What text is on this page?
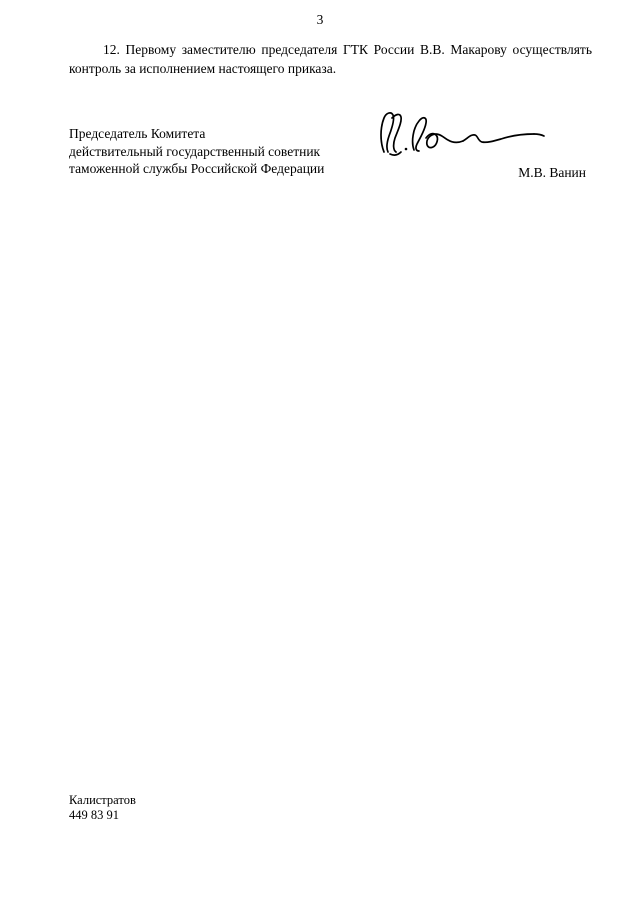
3
12. Первому заместителю председателя ГТК России В.В. Макарову осуществлять контроль за исполнением настоящего приказа.
Председатель Комитета
действительный государственный советник
таможенной службы Российской Федерации	М.В. Ванин
Калистратов
449 83 91
